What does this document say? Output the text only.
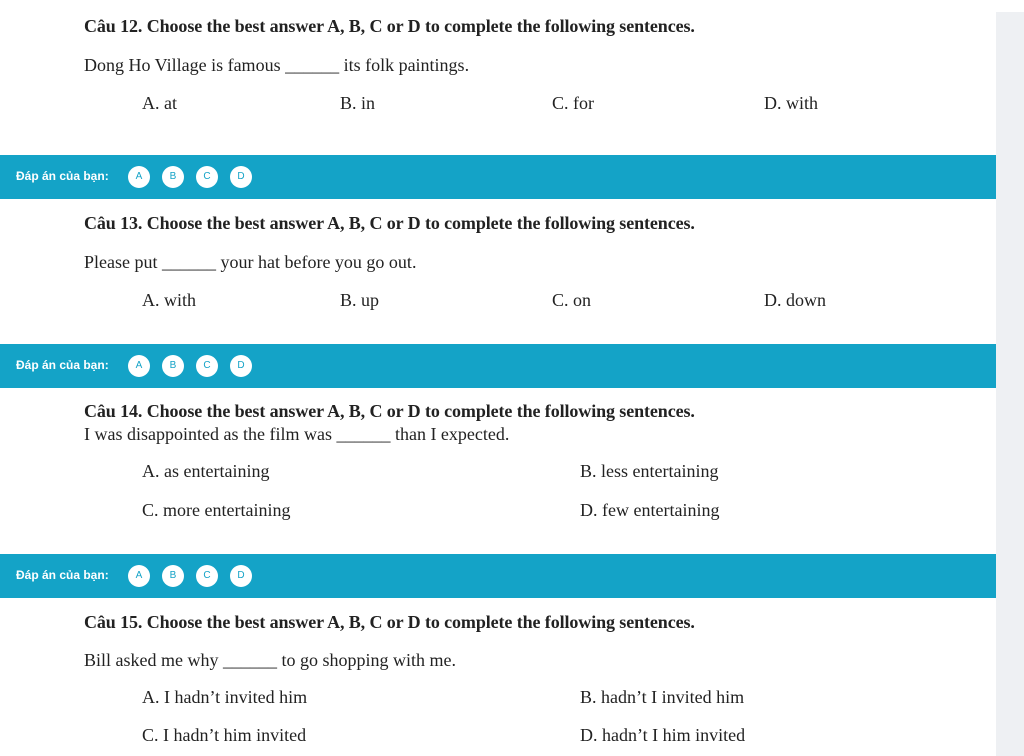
Câu 12. Choose the best answer A, B, C or D to complete the following sentences.
Dong Ho Village is famous ______ its folk paintings.
A. at	B. in	C. for	D. with
Đáp án của bạn:	A	B	C	D
Câu 13. Choose the best answer A, B, C or D to complete the following sentences.
Please put ______ your hat before you go out.
A. with	B. up	C. on	D. down
Đáp án của bạn:	A	B	C	D
Câu 14. Choose the best answer A, B, C or D to complete the following sentences.
I was disappointed as the film was ______ than I expected.
A. as entertaining	B. less entertaining
C. more entertaining	D. few entertaining
Đáp án của bạn:	A	B	C	D
Câu 15. Choose the best answer A, B, C or D to complete the following sentences.
Bill asked me why ______ to go shopping with me.
A. I hadn’t invited him	B. hadn’t I invited him
C. I hadn’t him invited	D. hadn’t I him invited
